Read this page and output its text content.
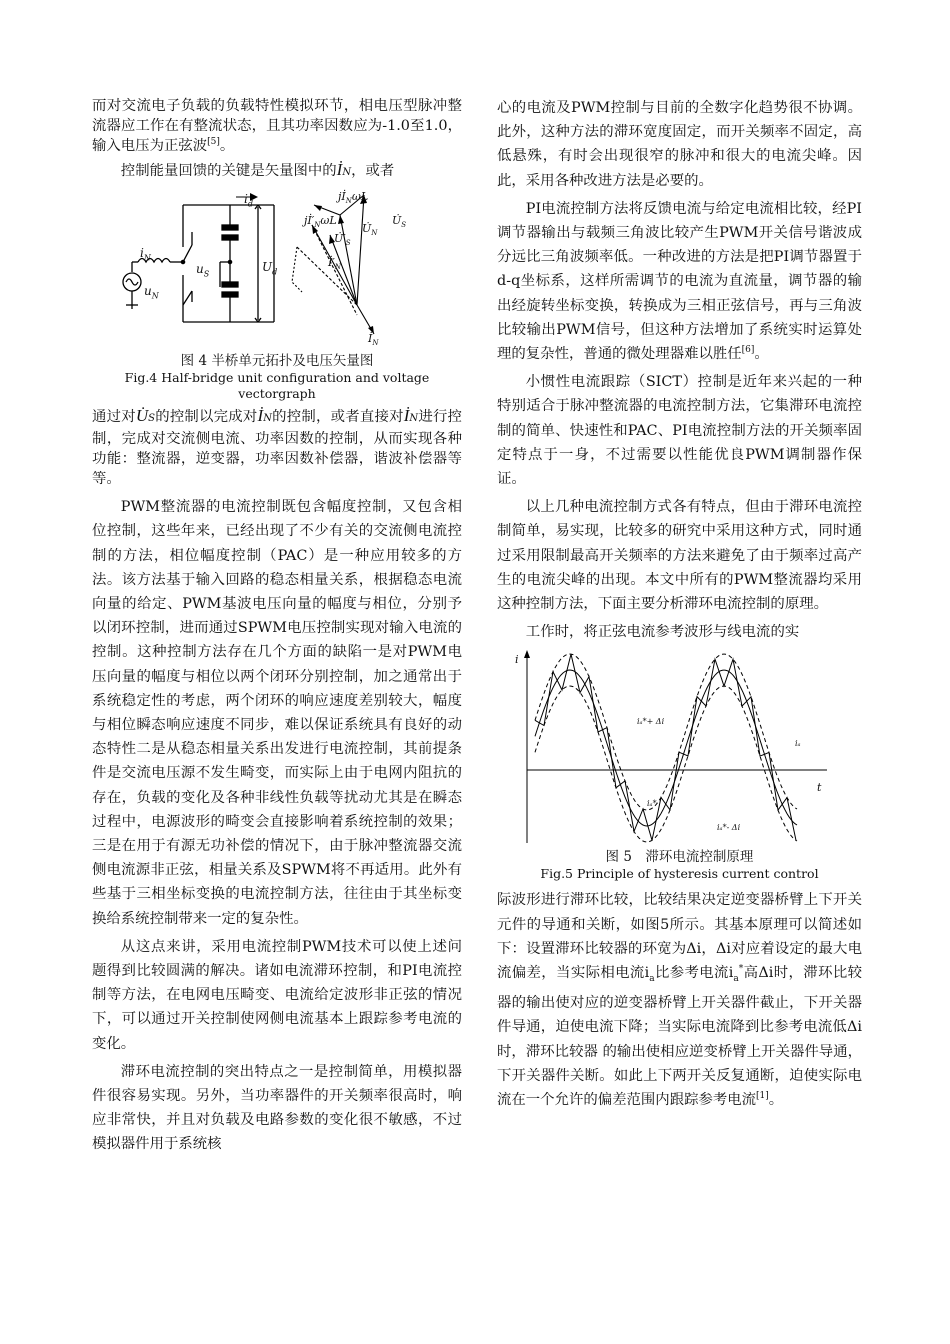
而对交流电子负载的负载特性模拟环节，相电压型脉冲整流器应工作在有整流状态，且其功率因数应为-1.0至1.0，输入电压为正弦波[5]。

控制能量回馈的关键是矢量图中的İN，或者

$i_d$
$U_d$
$u_S$
$i_N$
$u_N$
$jİ_N\omega L$
$jİ'_N\omega L$	$U̇_S$
$U̇'_S$
$U̇_N$
$İ'_N$
$İ_N$
图 4 半桥单元拓扑及电压矢量图
Fig.4 Half-bridge unit configuration and voltage vectorgraph

通过对U̇S的控制以完成对İN的控制，或者直接对İN进行控制，完成对交流侧电流、功率因数的控制，从而实现各种功能：整流器，逆变器，功率因数补偿器，谐波补偿器等等。

PWM整流器的电流控制既包含幅度控制，又包含相位控制，这些年来，已经出现了不少有关的交流侧电流控制的方法，相位幅度控制（PAC）是一种应用较多的方法。该方法基于输入回路的稳态相量关系，根据稳态电流向量的给定、PWM基波电压向量的幅度与相位，分别予以闭环控制，进而通过SPWM电压控制实现对输入电流的控制。这种控制方法存在几个方面的缺陷一是对PWM电压向量的幅度与相位以两个闭环分别控制，加之通常出于系统稳定性的考虑，两个闭环的响应速度差别较大，幅度与相位瞬态响应速度不同步，难以保证系统具有良好的动态特性二是从稳态相量关系出发进行电流控制，其前提条件是交流电压源不发生畸变，而实际上由于电网内阻抗的存在，负载的变化及各种非线性负载等扰动尤其是在瞬态过程中，电源波形的畸变会直接影响着系统控制的效果；三是在用于有源无功补偿的情况下，由于脉冲整流器交流侧电流源非正弦，相量关系及SPWM将不再适用。此外有些基于三相坐标变换的电流控制方法，往往由于其坐标变换给系统控制带来一定的复杂性。

从这点来讲，采用电流控制PWM技术可以使上述问题得到比较圆满的解决。诸如电流滞环控制，和PI电流控制等方法，在电网电压畸变、电流给定波形非正弦的情况下，可以通过开关控制使网侧电流基本上跟踪参考电流的变化。

滞环电流控制的突出特点之一是控制简单，用模拟器件很容易实现。另外，当功率器件的开关频率很高时，响应非常快，并且对负载及电路参数的变化很不敏感，不过模拟器件用于系统核

心的电流及PWM控制与目前的全数字化趋势很不协调。此外，这种方法的滞环宽度固定，而开关频率不固定，高低悬殊，有时会出现很窄的脉冲和很大的电流尖峰。因此，采用各种改进方法是必要的。

PI电流控制方法将反馈电流与给定电流相比较，经PI调节器输出与载频三角波比较产生PWM开关信号谐波成分远比三角波频率低。一种改进的方法是把PI调节器置于d-q坐标系，这样所需调节的电流为直流量，调节器的输出经旋转坐标变换，转换成为三相正弦信号，再与三角波比较输出PWM信号，但这种方法增加了系统实时运算处理的复杂性，普通的微处理器难以胜任[6]。

小惯性电流跟踪（SICT）控制是近年来兴起的一种特别适合于脉冲整流器的电流控制方法，它集滞环电流控制的简单、快速性和PAC、PI电流控制方法的开关频率固定特点于一身，不过需要以性能优良PWM调制器作保证。

以上几种电流控制方式各有特点，但由于滞环电流控制简单，易实现，比较多的研究中采用这种方式，同时通过采用限制最高开关频率的方法来避免了由于频率过高产生的电流尖峰的出现。本文中所有的PWM整流器均采用这种控制方法，下面主要分析滞环电流控制的原理。

工作时，将正弦电流参考波形与线电流的实

i
t
iₐ*+ Δi
iₐ
iₐ*
iₐ*- Δi
图 5　滞环电流控制原理
Fig.5 Principle of hysteresis current control

际波形进行滞环比较，比较结果决定逆变器桥臂上下开关元件的导通和关断，如图5所示。其基本原理可以简述如下：设置滞环比较器的环宽为Δi，Δi对应着设定的最大电流偏差，当实际相电流$i_a$比参考电流$i_a^*$高Δi时，滞环比较器的输出使对应的逆变器桥臂上开关器件截止，下开关器件导通，迫使电流下降；当实际电流降到比参考电流低Δi时，滞环比较器 的输出使相应逆变桥臂上开关器件导通，下开关器件关断。如此上下两开关反复通断，迫使实际电流在一个允许的偏差范围内跟踪参考电流[1]。
